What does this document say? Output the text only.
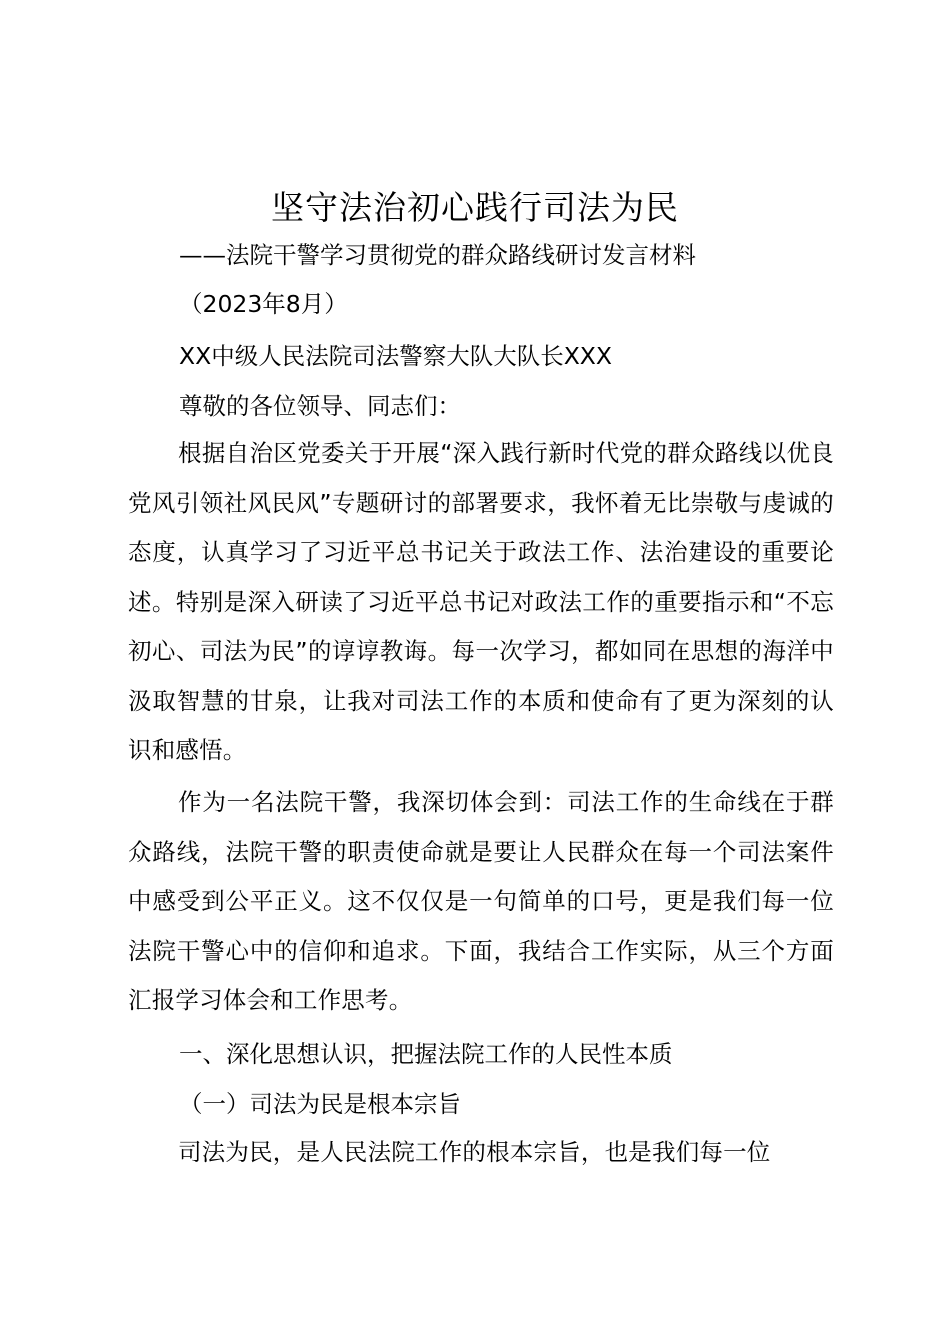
坚守法治初心践行司法为民
——法院干警学习贯彻党的群众路线研讨发言材料
（2023年8月）
XX中级人民法院司法警察大队大队长XXX
尊敬的各位领导、同志们：
根据自治区党委关于开展“深入践行新时代党的群众路线以优良党风引领社风民风”专题研讨的部署要求，我怀着无比崇敬与虔诚的态度，认真学习了习近平总书记关于政法工作、法治建设的重要论述。特别是深入研读了习近平总书记对政法工作的重要指示和“不忘初心、司法为民”的谆谆教诲。每一次学习，都如同在思想的海洋中汲取智慧的甘泉，让我对司法工作的本质和使命有了更为深刻的认识和感悟。
作为一名法院干警，我深切体会到：司法工作的生命线在于群众路线，法院干警的职责使命就是要让人民群众在每一个司法案件中感受到公平正义。这不仅仅是一句简单的口号，更是我们每一位法院干警心中的信仰和追求。下面，我结合工作实际，从三个方面汇报学习体会和工作思考。
一、深化思想认识，把握法院工作的人民性本质
（一）司法为民是根本宗旨
司法为民，是人民法院工作的根本宗旨，也是我们每一位
